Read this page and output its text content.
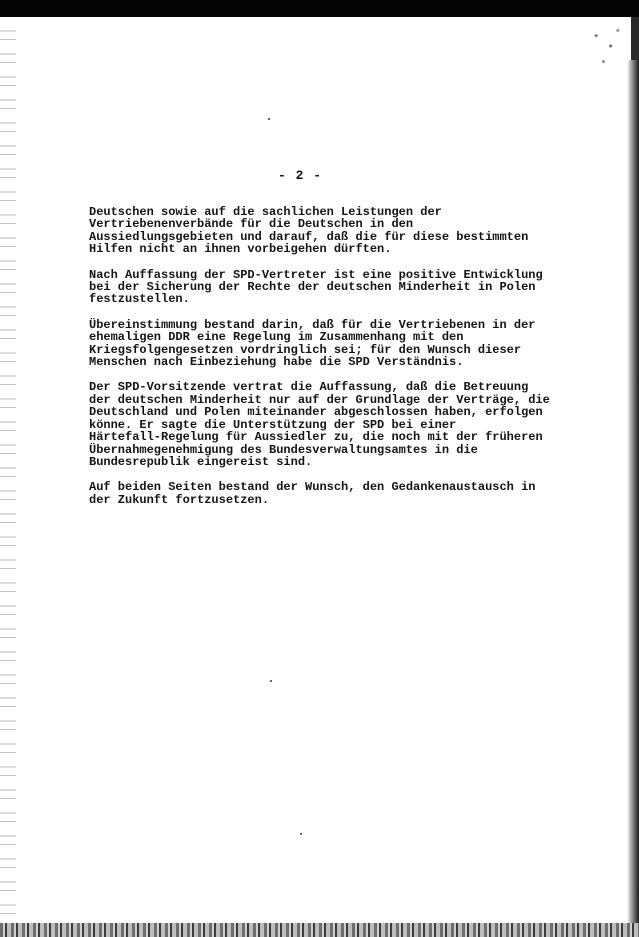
- 2 -

Deutschen sowie auf die sachlichen Leistungen der
Vertriebenenverbände für die Deutschen in den
Aussiedlungsgebieten und darauf, daß die für diese bestimmten
Hilfen nicht an ihnen vorbeigehen dürften.

Nach Auffassung der SPD-Vertreter ist eine positive Entwicklung
bei der Sicherung der Rechte der deutschen Minderheit in Polen
festzustellen.

Übereinstimmung bestand darin, daß für die Vertriebenen in der
ehemaligen DDR eine Regelung im Zusammenhang mit den
Kriegsfolgengesetzen vordringlich sei; für den Wunsch dieser
Menschen nach Einbeziehung habe die SPD Verständnis.

Der SPD-Vorsitzende vertrat die Auffassung, daß die Betreuung
der deutschen Minderheit nur auf der Grundlage der Verträge, die
Deutschland und Polen miteinander abgeschlossen haben, erfolgen
könne. Er sagte die Unterstützung der SPD bei einer
Härtefall-Regelung für Aussiedler zu, die noch mit der früheren
Übernahmegenehmigung des Bundesverwaltungsamtes in die
Bundesrepublik eingereist sind.

Auf beiden Seiten bestand der Wunsch, den Gedankenaustausch in
der Zukunft fortzusetzen.
